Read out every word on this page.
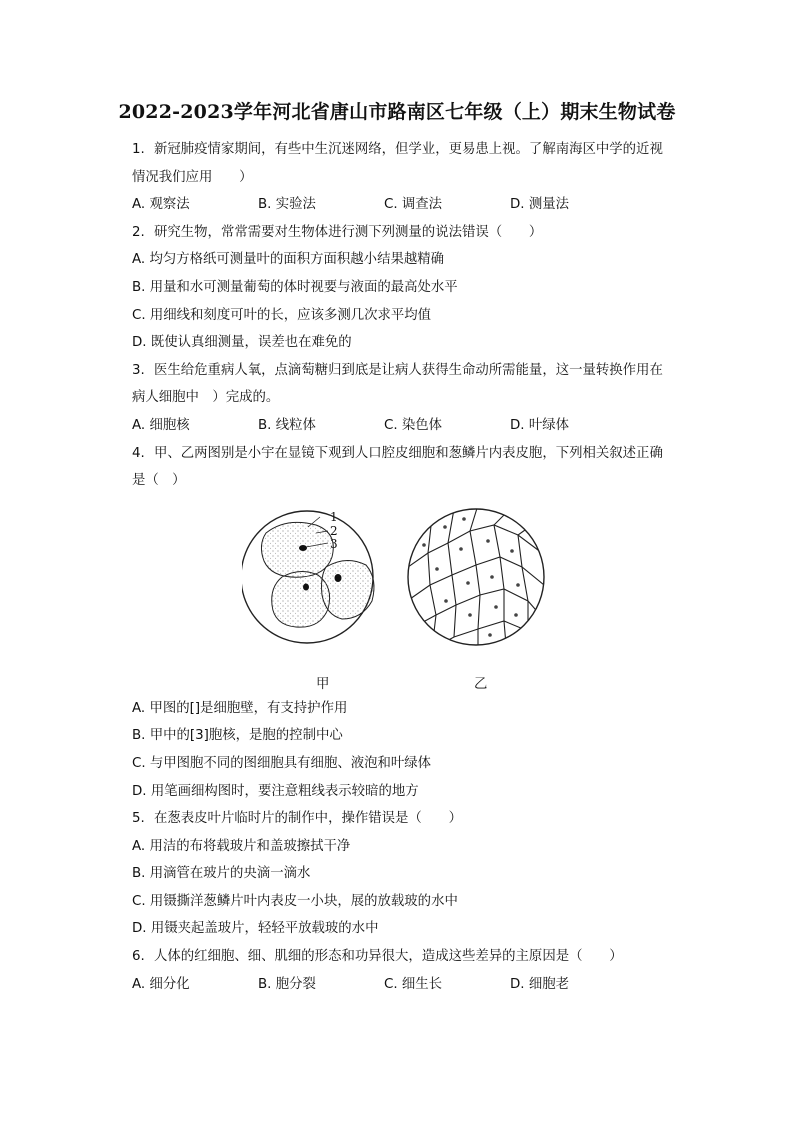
2022-2023学年河北省唐山市路南区七年级（上）期末生物试卷
1. 新冠肺疫情家期间，有些中生沉迷网络，但学业，更易患上视。了解南海区中学的近视
情况我们应用　　）
A. 观察法	B. 实验法	C. 调查法	D. 测量法
2. 研究生物，常常需要对生物体进行测下列测量的说法错误（　　）
A. 均匀方格纸可测量叶的面积方面积越小结果越精确
B. 用量和水可测量葡萄的体时视要与液面的最高处水平
C. 用细线和刻度可叶的长，应该多测几次求平均值
D. 既使认真细测量，误差也在难免的
3. 医生给危重病人氧，点滴萄糖归到底是让病人获得生命动所需能量，这一量转换作用在
病人细胞中　）完成的。
A. 细胞核	B. 线粒体	C. 染色体	D. 叶绿体
4. 甲、乙两图别是小宇在显镜下观到人口腔皮细胞和葱鳞片内表皮胞，下列相关叙述正确
是（　）
1
2
3
甲	乙
A. 甲图的[]是细胞壁，有支持护作用
B. 甲中的[3]胞核，是胞的控制中心
C. 与甲图胞不同的图细胞具有细胞、液泡和叶绿体
D. 用笔画细构图时，要注意粗线表示较暗的地方
5. 在葱表皮叶片临时片的制作中，操作错误是（　　）
A. 用洁的布将载玻片和盖玻擦拭干净
B. 用滴管在玻片的央滴一滴水
C. 用镊撕洋葱鳞片叶内表皮一小块，展的放载玻的水中
D. 用镊夹起盖玻片，轻轻平放载玻的水中
6. 人体的红细胞、细、肌细的形态和功异很大，造成这些差异的主原因是（　　）
A. 细分化	B. 胞分裂	C. 细生长	D. 细胞老
